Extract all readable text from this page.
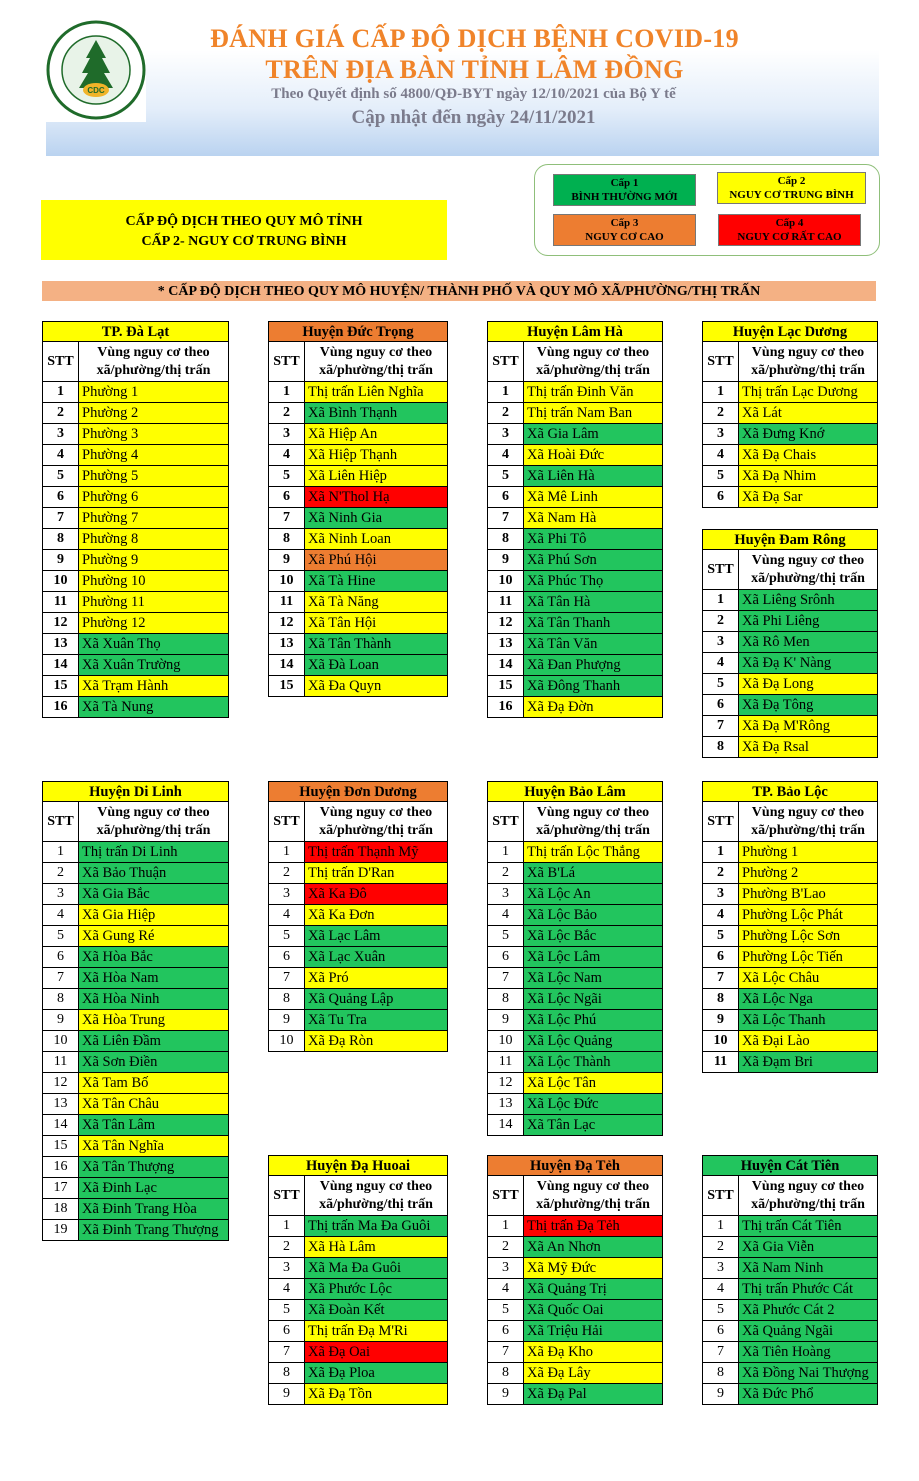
CDC
ĐÁNH GIÁ CẤP ĐỘ DỊCH BỆNH COVID-19
TRÊN ĐỊA BÀN TỈNH LÂM ĐỒNG
Theo Quyết định số 4800/QĐ-BYT ngày 12/10/2021 của Bộ Y tế
Cập nhật đến ngày 24/11/2021
Cấp 1
BÌNH THƯỜNG MỚI
Cấp 2
NGUY CƠ TRUNG BÌNH
Cấp 3
NGUY CƠ CAO
Cấp 4
NGUY CƠ RẤT CAO
CẤP ĐỘ DỊCH THEO QUY MÔ TỈNH
CẤP 2- NGUY CƠ TRUNG BÌNH
* CẤP ĐỘ DỊCH THEO QUY MÔ HUYỆN/ THÀNH PHỐ VÀ QUY MÔ XÃ/PHƯỜNG/THỊ TRẤN
TP. Đà Lạt
STT
Vùng nguy cơ theo
xã/phường/thị trấn
1	Phường 1
2	Phường 2
3	Phường 3
4	Phường 4
5	Phường 5
6	Phường 6
7	Phường 7
8	Phường 8
9	Phường 9
10	Phường 10
11	Phường 11
12	Phường 12
13	Xã Xuân Thọ
14	Xã Xuân Trường
15	Xã Trạm Hành
16	Xã Tà Nung
Huyện Đức Trọng
STT
Vùng nguy cơ theo
xã/phường/thị trấn
1	Thị trấn Liên Nghĩa
2	Xã Bình Thạnh
3	Xã Hiệp An
4	Xã Hiệp Thạnh
5	Xã Liên Hiệp
6	Xã N'Thol Hạ
7	Xã Ninh Gia
8	Xã Ninh Loan
9	Xã Phú Hội
10	Xã Tà Hine
11	Xã Tà Năng
12	Xã Tân Hội
13	Xã Tân Thành
14	Xã Đà Loan
15	Xã Đa Quyn
Huyện Lâm Hà
STT
Vùng nguy cơ theo
xã/phường/thị trấn
1	Thị trấn Đinh Văn
2	Thị trấn Nam Ban
3	Xã Gia Lâm
4	Xã Hoài Đức
5	Xã Liên Hà
6	Xã Mê Linh
7	Xã Nam Hà
8	Xã Phi Tô
9	Xã Phú Sơn
10	Xã Phúc Thọ
11	Xã Tân Hà
12	Xã Tân Thanh
13	Xã Tân Văn
14	Xã Đan Phượng
15	Xã Đông Thanh
16	Xã Đạ Đờn
Huyện Lạc Dương
STT
Vùng nguy cơ theo
xã/phường/thị trấn
1	Thị trấn Lạc Dương
2	Xã Lát
3	Xã Đưng Knớ
4	Xã Đạ Chais
5	Xã Đạ Nhim
6	Xã Đạ Sar
Huyện Đam Rông
STT
Vùng nguy cơ theo
xã/phường/thị trấn
1	Xã Liêng Srônh
2	Xã Phi Liêng
3	Xã Rô Men
4	Xã Đạ K' Nàng
5	Xã Đạ Long
6	Xã Đạ Tông
7	Xã Đạ M'Rông
8	Xã Đạ Rsal
Huyện Di Linh
STT
Vùng nguy cơ theo
xã/phường/thị trấn
1	Thị trấn Di Linh
2	Xã Bảo Thuận
3	Xã Gia Bắc
4	Xã Gia Hiệp
5	Xã Gung Ré
6	Xã Hòa Bắc
7	Xã Hòa Nam
8	Xã Hòa Ninh
9	Xã Hòa Trung
10	Xã Liên Đầm
11	Xã Sơn Điền
12	Xã Tam Bố
13	Xã Tân Châu
14	Xã Tân Lâm
15	Xã Tân Nghĩa
16	Xã Tân Thượng
17	Xã Đinh Lạc
18	Xã Đinh Trang Hòa
19	Xã Đinh Trang Thượng
Huyện Đơn Dương
STT
Vùng nguy cơ theo
xã/phường/thị trấn
1	Thị trấn Thạnh Mỹ
2	Thị trấn D'Ran
3	Xã Ka Đô
4	Xã Ka Đơn
5	Xã Lạc Lâm
6	Xã Lạc Xuân
7	Xã Pró
8	Xã Quảng Lập
9	Xã Tu Tra
10	Xã Đạ Ròn
Huyện Bảo Lâm
STT
Vùng nguy cơ theo
xã/phường/thị trấn
1	Thị trấn Lộc Thắng
2	Xã B'Lá
3	Xã Lộc An
4	Xã Lộc Bảo
5	Xã Lộc Bắc
6	Xã Lộc Lâm
7	Xã Lộc Nam
8	Xã Lộc Ngãi
9	Xã Lộc Phú
10	Xã Lộc Quảng
11	Xã Lộc Thành
12	Xã Lộc Tân
13	Xã Lộc Đức
14	Xã Tân Lạc
TP. Bảo Lộc
STT
Vùng nguy cơ theo
xã/phường/thị trấn
1	Phường 1
2	Phường 2
3	Phường B'Lao
4	Phường Lộc Phát
5	Phường Lộc Sơn
6	Phường Lộc Tiến
7	Xã Lộc Châu
8	Xã Lộc Nga
9	Xã Lộc Thanh
10	Xã Đại Lào
11	Xã Đạm Bri
Huyện Đạ Huoai
STT
Vùng nguy cơ theo
xã/phường/thị trấn
1	Thị trấn Ma Đa Guôi
2	Xã Hà Lâm
3	Xã Ma Đa Guôi
4	Xã Phước Lộc
5	Xã Đoàn Kết
6	Thị trấn Đạ M'Ri
7	Xã Đạ Oai
8	Xã Đạ Ploa
9	Xã Đạ Tồn
Huyện Đạ Tẻh
STT
Vùng nguy cơ theo
xã/phường/thị trấn
1	Thị trấn Đạ Tẻh
2	Xã An Nhơn
3	Xã Mỹ Đức
4	Xã Quảng Trị
5	Xã Quốc Oai
6	Xã Triệu Hải
7	Xã Đạ Kho
8	Xã Đạ Lây
9	Xã Đạ Pal
Huyện Cát Tiên
STT
Vùng nguy cơ theo
xã/phường/thị trấn
1	Thị trấn Cát Tiên
2	Xã Gia Viễn
3	Xã Nam Ninh
4	Thị trấn Phước Cát
5	Xã Phước Cát 2
6	Xã Quảng Ngãi
7	Xã Tiên Hoàng
8	Xã Đồng Nai Thượng
9	Xã Đức Phổ
